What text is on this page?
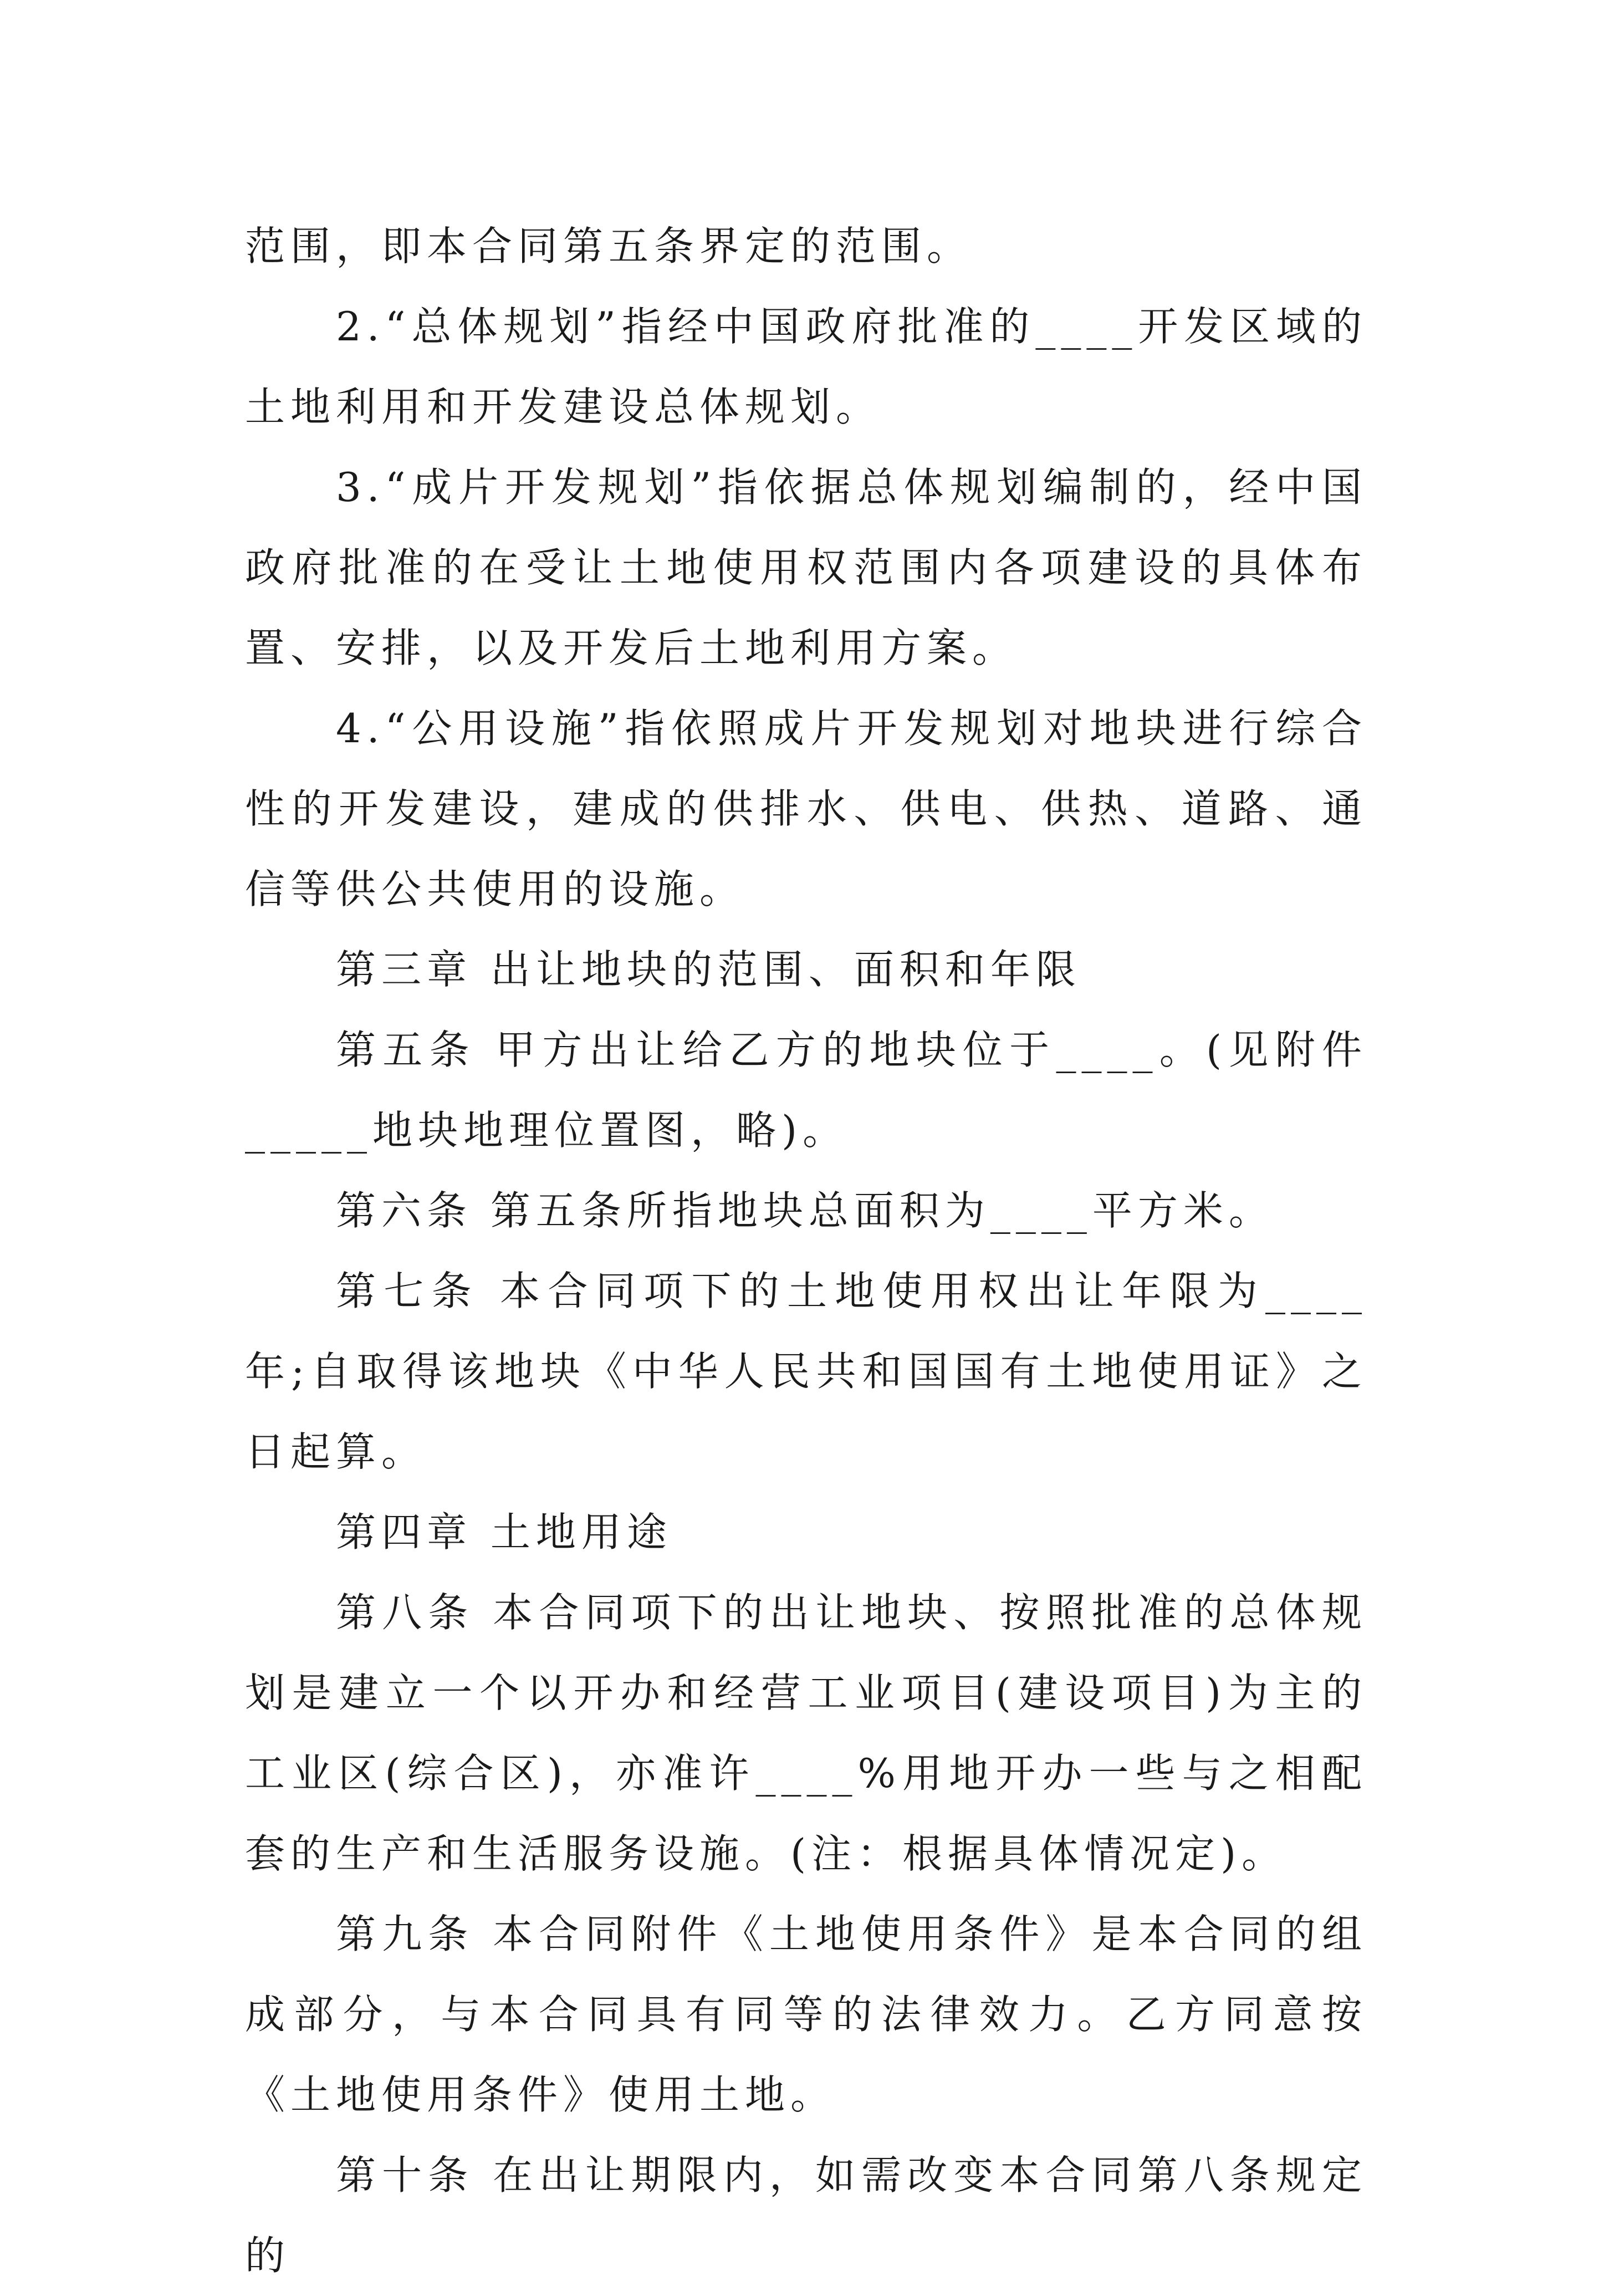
范围，即本合同第五条界定的范围。

2.“总体规划”指经中国政府批准的____开发区域的土地利用和开发建设总体规划。

3.“成片开发规划”指依据总体规划编制的，经中国政府批准的在受让土地使用权范围内各项建设的具体布置、安排，以及开发后土地利用方案。

4.“公用设施”指依照成片开发规划对地块进行综合性的开发建设，建成的供排水、供电、供热、道路、通信等供公共使用的设施。

第三章 出让地块的范围、面积和年限

第五条 甲方出让给乙方的地块位于____。(见附件_____地块地理位置图，略)。

第六条 第五条所指地块总面积为____平方米。

第七条 本合同项下的土地使用权出让年限为____年;自取得该地块《中华人民共和国国有土地使用证》之日起算。

第四章 土地用途

第八条 本合同项下的出让地块、按照批准的总体规划是建立一个以开办和经营工业项目(建设项目)为主的工业区(综合区)，亦准许____%用地开办一些与之相配套的生产和生活服务设施。(注：根据具体情况定)。

第九条 本合同附件《土地使用条件》是本合同的组成部分，与本合同具有同等的法律效力。乙方同意按《土地使用条件》使用土地。

第十条 在出让期限内，如需改变本合同第八条规定的
